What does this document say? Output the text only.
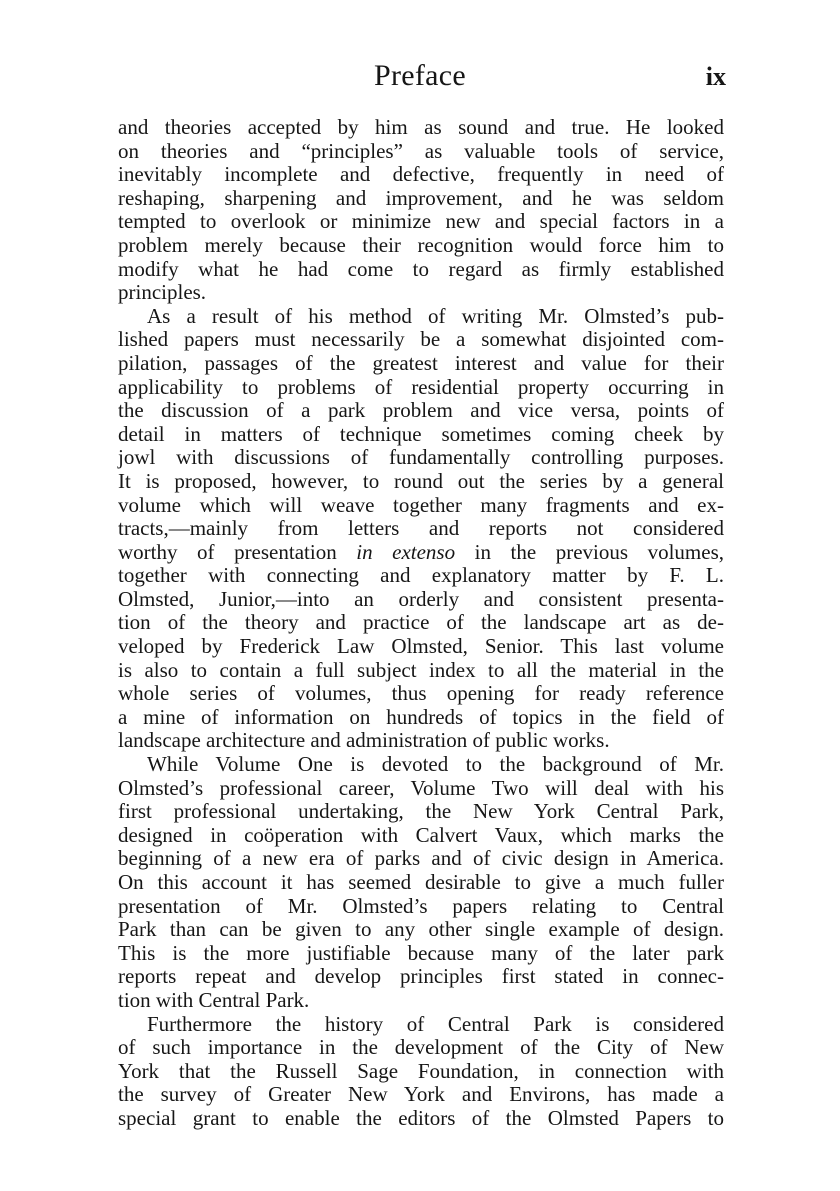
Preface	ix

and theories accepted by him as sound and true. He looked
on theories and “principles” as valuable tools of service,
inevitably incomplete and defective, frequently in need of
reshaping, sharpening and improvement, and he was seldom
tempted to overlook or minimize new and special factors in a
problem merely because their recognition would force him to
modify what he had come to regard as firmly established
principles.

As a result of his method of writing Mr. Olmsted’s pub-
lished papers must necessarily be a somewhat disjointed com-
pilation, passages of the greatest interest and value for their
applicability to problems of residential property occurring in
the discussion of a park problem and vice versa, points of
detail in matters of technique sometimes coming cheek by
jowl with discussions of fundamentally controlling purposes.
It is proposed, however, to round out the series by a general
volume which will weave together many fragments and ex-
tracts,—mainly from letters and reports not considered
worthy of presentation in extenso in the previous volumes,
together with connecting and explanatory matter by F. L.
Olmsted, Junior,—into an orderly and consistent presenta-
tion of the theory and practice of the landscape art as de-
veloped by Frederick Law Olmsted, Senior. This last volume
is also to contain a full subject index to all the material in the
whole series of volumes, thus opening for ready reference
a mine of information on hundreds of topics in the field of
landscape architecture and administration of public works.

While Volume One is devoted to the background of Mr.
Olmsted’s professional career, Volume Two will deal with his
first professional undertaking, the New York Central Park,
designed in coöperation with Calvert Vaux, which marks the
beginning of a new era of parks and of civic design in America.
On this account it has seemed desirable to give a much fuller
presentation of Mr. Olmsted’s papers relating to Central
Park than can be given to any other single example of design.
This is the more justifiable because many of the later park
reports repeat and develop principles first stated in connec-
tion with Central Park.

Furthermore the history of Central Park is considered
of such importance in the development of the City of New
York that the Russell Sage Foundation, in connection with
the survey of Greater New York and Environs, has made a
special grant to enable the editors of the Olmsted Papers to
